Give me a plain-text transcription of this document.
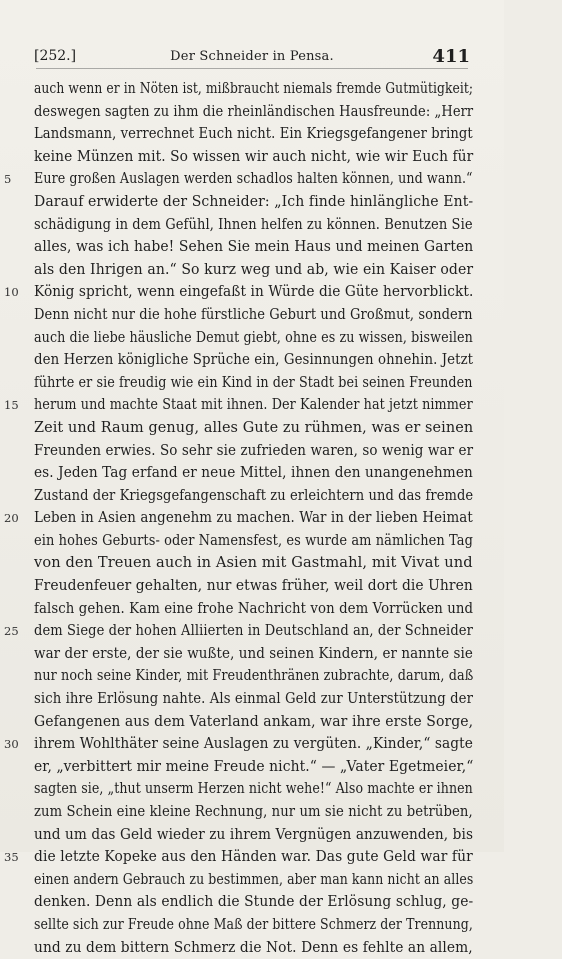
[252.]	Der Schneider in Pensa.	411
auch wenn er in Nöten ist, mißbraucht niemals fremde Gutmütigkeit;
deswegen sagten zu ihm die rheinländischen Hausfreunde: „Herr
Landsmann, verrechnet Euch nicht. Ein Kriegsgefangener bringt
keine Münzen mit. So wissen wir auch nicht, wie wir Euch für
5	Eure großen Auslagen werden schadlos halten können, und wann.“
Darauf erwiderte der Schneider: „Ich finde hinlängliche Ent-
schädigung in dem Gefühl, Ihnen helfen zu können. Benutzen Sie
alles, was ich habe! Sehen Sie mein Haus und meinen Garten
als den Ihrigen an.“ So kurz weg und ab, wie ein Kaiser oder
10	König spricht, wenn eingefaßt in Würde die Güte hervorblickt.
Denn nicht nur die hohe fürstliche Geburt und Großmut, sondern
auch die liebe häusliche Demut giebt, ohne es zu wissen, bisweilen
den Herzen königliche Sprüche ein, Gesinnungen ohnehin. Jetzt
führte er sie freudig wie ein Kind in der Stadt bei seinen Freunden
15	herum und machte Staat mit ihnen. Der Kalender hat jetzt nimmer
Zeit und Raum genug, alles Gute zu rühmen, was er seinen
Freunden erwies. So sehr sie zufrieden waren, so wenig war er
es. Jeden Tag erfand er neue Mittel, ihnen den unangenehmen
Zustand der Kriegsgefangenschaft zu erleichtern und das fremde
20	Leben in Asien angenehm zu machen. War in der lieben Heimat
ein hohes Geburts- oder Namensfest, es wurde am nämlichen Tag
von den Treuen auch in Asien mit Gastmahl, mit Vivat und
Freudenfeuer gehalten, nur etwas früher, weil dort die Uhren
falsch gehen. Kam eine frohe Nachricht von dem Vorrücken und
25	dem Siege der hohen Alliierten in Deutschland an, der Schneider
war der erste, der sie wußte, und seinen Kindern, er nannte sie
nur noch seine Kinder, mit Freudenthränen zubrachte, darum, daß
sich ihre Erlösung nahte. Als einmal Geld zur Unterstützung der
Gefangenen aus dem Vaterland ankam, war ihre erste Sorge,
30	ihrem Wohlthäter seine Auslagen zu vergüten. „Kinder,“ sagte
er, „verbittert mir meine Freude nicht.“ — „Vater Egetmeier,“
sagten sie, „thut unserm Herzen nicht wehe!“ Also machte er ihnen
zum Schein eine kleine Rechnung, nur um sie nicht zu betrüben,
und um das Geld wieder zu ihrem Vergnügen anzuwenden, bis
35	die letzte Kopeke aus den Händen war. Das gute Geld war für
einen andern Gebrauch zu bestimmen, aber man kann nicht an alles
denken. Denn als endlich die Stunde der Erlösung schlug, ge-
sellte sich zur Freude ohne Maß der bittere Schmerz der Trennung,
und zu dem bittern Schmerz die Not. Denn es fehlte an allem,
